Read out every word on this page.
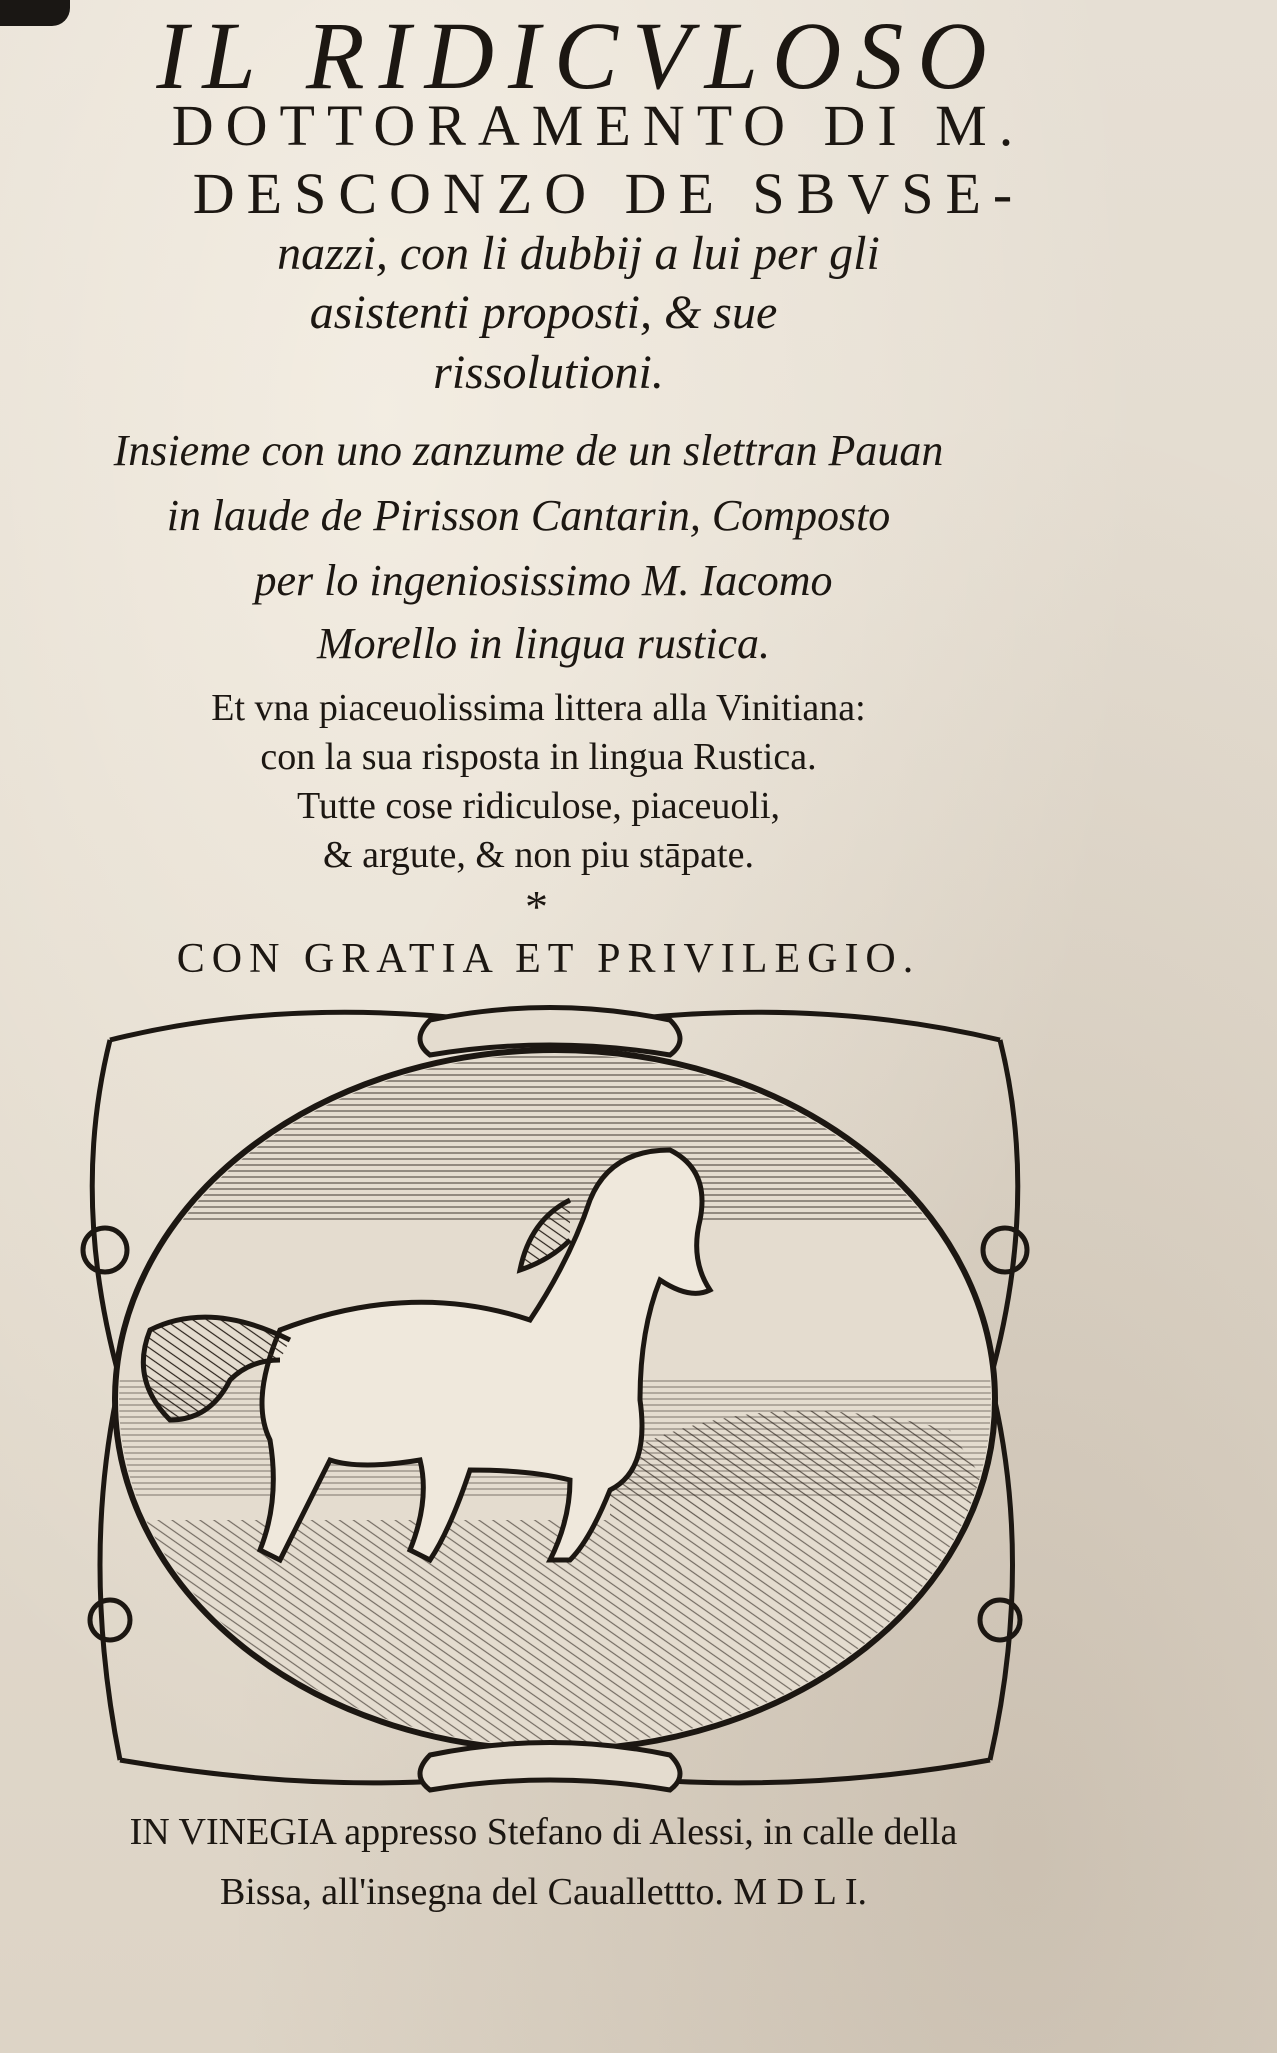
IL RIDICVLOSO
DOTTORAMENTO DI M.
DESCONZO DE SBVSE-
nazzi, con li dubbij a lui per gli
asistenti proposti, & sue
rissolutioni.
Insieme con uno zanzume de un slettran Pauan
in laude de Pirisson Cantarin, Composto
per lo ingeniosissimo M. Iacomo
Morello in lingua rustica.
Et vna piaceuolissima littera alla Vinitiana:
con la sua risposta in lingua Rustica.
Tutte cose ridiculose, piaceuoli,
& argute, & non piu stāpate.
*
CON GRATIA ET PRIVILEGIO.
IN VINEGIA appresso Stefano di Alessi, in calle della
Bissa, all'insegna del Cauallettto. M D L I.
